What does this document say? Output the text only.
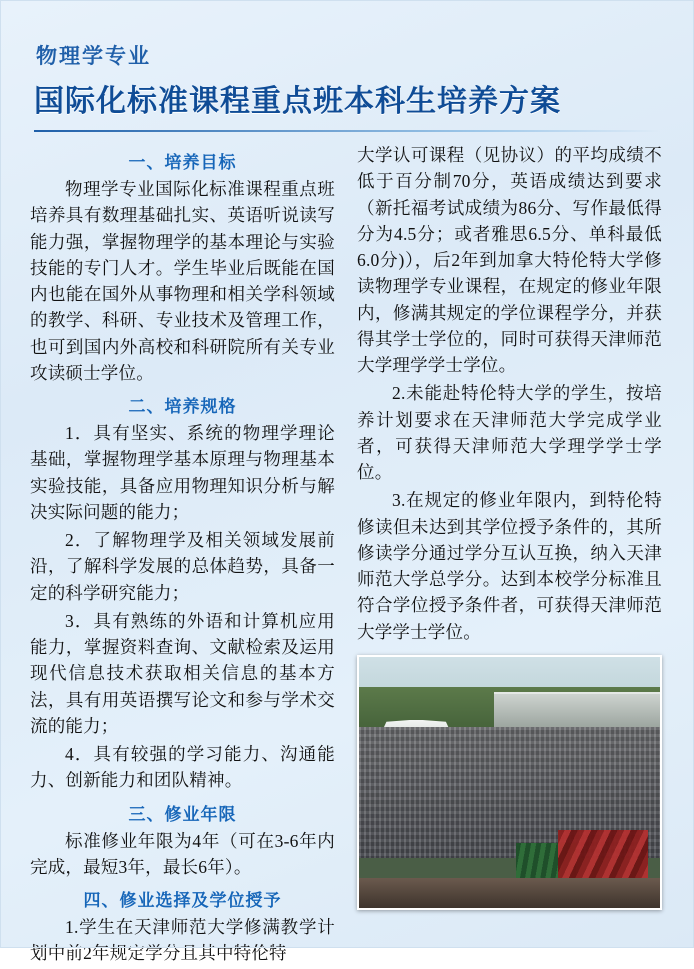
物理学专业
国际化标准课程重点班本科生培养方案
一、培养目标

物理学专业国际化标准课程重点班培养具有数理基础扎实、英语听说读写能力强，掌握物理学的基本理论与实验技能的专门人才。学生毕业后既能在国内也能在国外从事物理和相关学科领域的教学、科研、专业技术及管理工作，也可到国内外高校和科研院所有关专业攻读硕士学位。

二、培养规格

1．具有坚实、系统的物理学理论基础，掌握物理学基本原理与物理基本实验技能，具备应用物理知识分析与解决实际问题的能力；

2．了解物理学及相关领域发展前沿，了解科学发展的总体趋势，具备一定的科学研究能力；

3．具有熟练的外语和计算机应用能力，掌握资料查询、文献检索及运用现代信息技术获取相关信息的基本方法，具有用英语撰写论文和参与学术交流的能力；

4．具有较强的学习能力、沟通能力、创新能力和团队精神。

三、修业年限

标准修业年限为4年（可在3-6年内完成，最短3年，最长6年）。

四、修业选择及学位授予

1.学生在天津师范大学修满教学计划中前2年规定学分且其中特伦特

大学认可课程（见协议）的平均成绩不低于百分制70分，英语成绩达到要求（新托福考试成绩为86分、写作最低得分为4.5分；或者雅思6.5分、单科最低6.0分)），后2年到加拿大特伦特大学修读物理学专业课程，在规定的修业年限内，修满其规定的学位课程学分，并获得其学士学位的，同时可获得天津师范大学理学学士学位。

2.未能赴特伦特大学的学生，按培养计划要求在天津师范大学完成学业者，可获得天津师范大学理学学士学位。

3.在规定的修业年限内，到特伦特修读但未达到其学位授予条件的，其所修读学分通过学分互认互换，纳入天津师范大学总学分。达到本校学分标准且符合学位授予条件者，可获得天津师范大学学士学位。
